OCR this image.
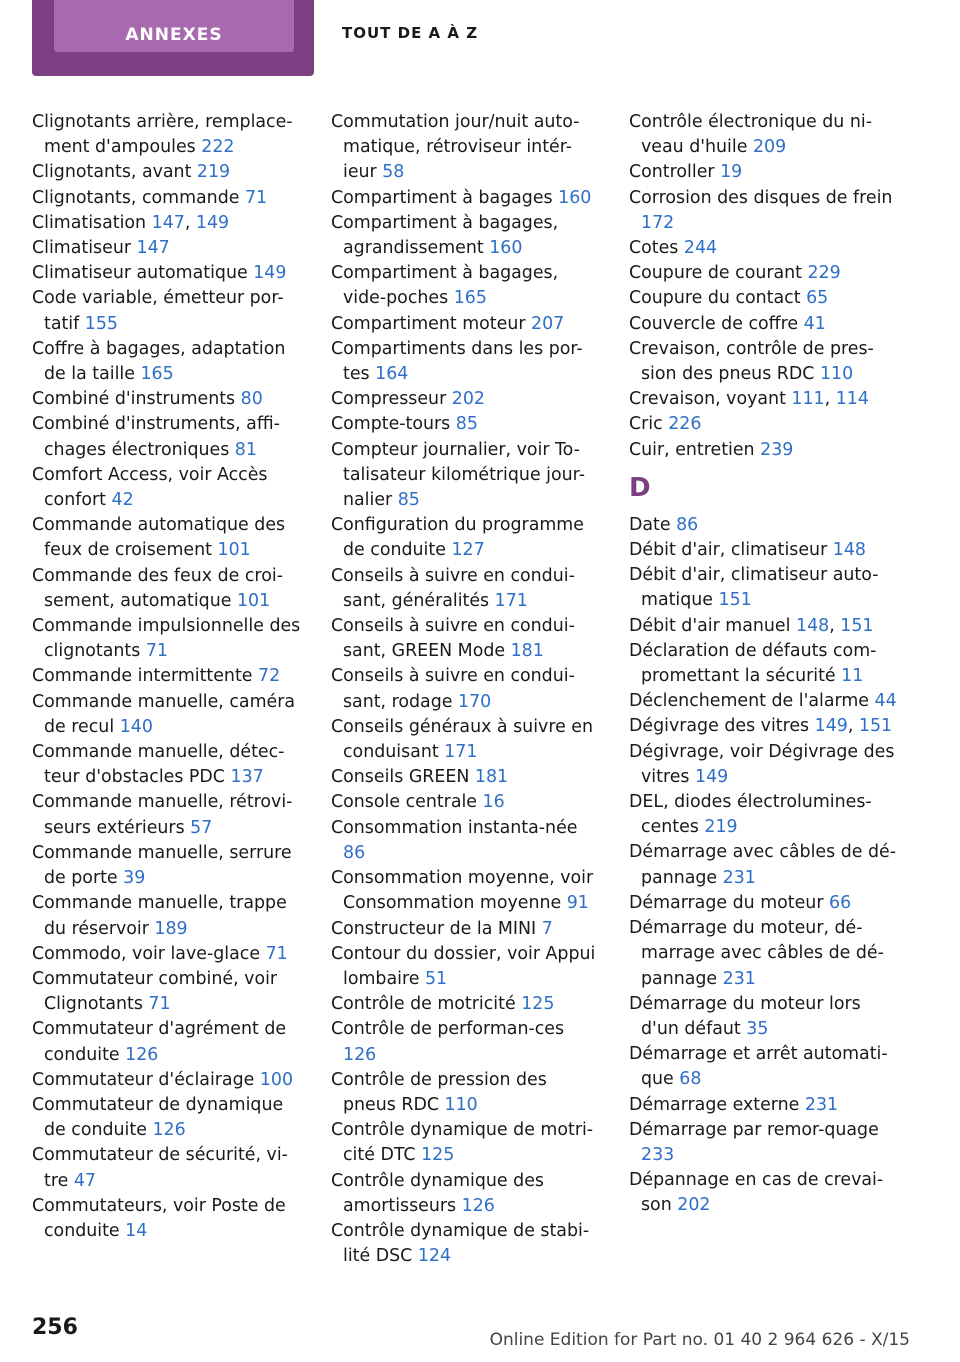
ANNEXES	TOUT DE A À Z
Clignotants arrière, remplace-ment d'ampoules 222
Clignotants, avant 219
Clignotants, commande 71
Climatisation 147, 149
Climatiseur 147
Climatiseur automatique 149
Code variable, émetteur por-tatif 155
Coffre à bagages, adaptation de la taille 165
Combiné d'instruments 80
Combiné d'instruments, affi-chages électroniques 81
Comfort Access, voir Accès confort 42
Commande automatique des feux de croisement 101
Commande des feux de croi-sement, automatique 101
Commande impulsionnelle des clignotants 71
Commande intermittente 72
Commande manuelle, caméra de recul 140
Commande manuelle, détec-teur d'obstacles PDC 137
Commande manuelle, rétrovi-seurs extérieurs 57
Commande manuelle, serrure de porte 39
Commande manuelle, trappe du réservoir 189
Commodo, voir lave-glace 71
Commutateur combiné, voir Clignotants 71
Commutateur d'agrément de conduite 126
Commutateur d'éclairage 100
Commutateur de dynamique de conduite 126
Commutateur de sécurité, vi-tre 47
Commutateurs, voir Poste de conduite 14
Commutation jour/nuit auto-matique, rétroviseur intér-ieur 58
Compartiment à bagages 160
Compartiment à bagages, agrandissement 160
Compartiment à bagages, vide-poches 165
Compartiment moteur 207
Compartiments dans les por-tes 164
Compresseur 202
Compte-tours 85
Compteur journalier, voir To-talisateur kilométrique jour-nalier 85
Configuration du programme de conduite 127
Conseils à suivre en condui-sant, généralités 171
Conseils à suivre en condui-sant, GREEN Mode 181
Conseils à suivre en condui-sant, rodage 170
Conseils généraux à suivre en conduisant 171
Conseils GREEN 181
Console centrale 16
Consommation instanta-née 86
Consommation moyenne, voir Consommation moyenne 91
Constructeur de la MINI 7
Contour du dossier, voir Appui lombaire 51
Contrôle de motricité 125
Contrôle de performan-ces 126
Contrôle de pression des pneus RDC 110
Contrôle dynamique de motri-cité DTC 125
Contrôle dynamique des amortisseurs 126
Contrôle dynamique de stabi-lité DSC 124
Contrôle électronique du ni-veau d'huile 209
Controller 19
Corrosion des disques de frein 172
Cotes 244
Coupure de courant 229
Coupure du contact 65
Couvercle de coffre 41
Crevaison, contrôle de pres-sion des pneus RDC 110
Crevaison, voyant 111, 114
Cric 226
Cuir, entretien 239
D
Date 86
Débit d'air, climatiseur 148
Débit d'air, climatiseur auto-matique 151
Débit d'air manuel 148, 151
Déclaration de défauts com-promettant la sécurité 11
Déclenchement de l'alarme 44
Dégivrage des vitres 149, 151
Dégivrage, voir Dégivrage des vitres 149
DEL, diodes électrolumines-centes 219
Démarrage avec câbles de dé-pannage 231
Démarrage du moteur 66
Démarrage du moteur, dé-marrage avec câbles de dé-pannage 231
Démarrage du moteur lors d'un défaut 35
Démarrage et arrêt automati-que 68
Démarrage externe 231
Démarrage par remor-quage 233
Dépannage en cas de crevai-son 202
256	Online Edition for Part no. 01 40 2 964 626 - X/15
